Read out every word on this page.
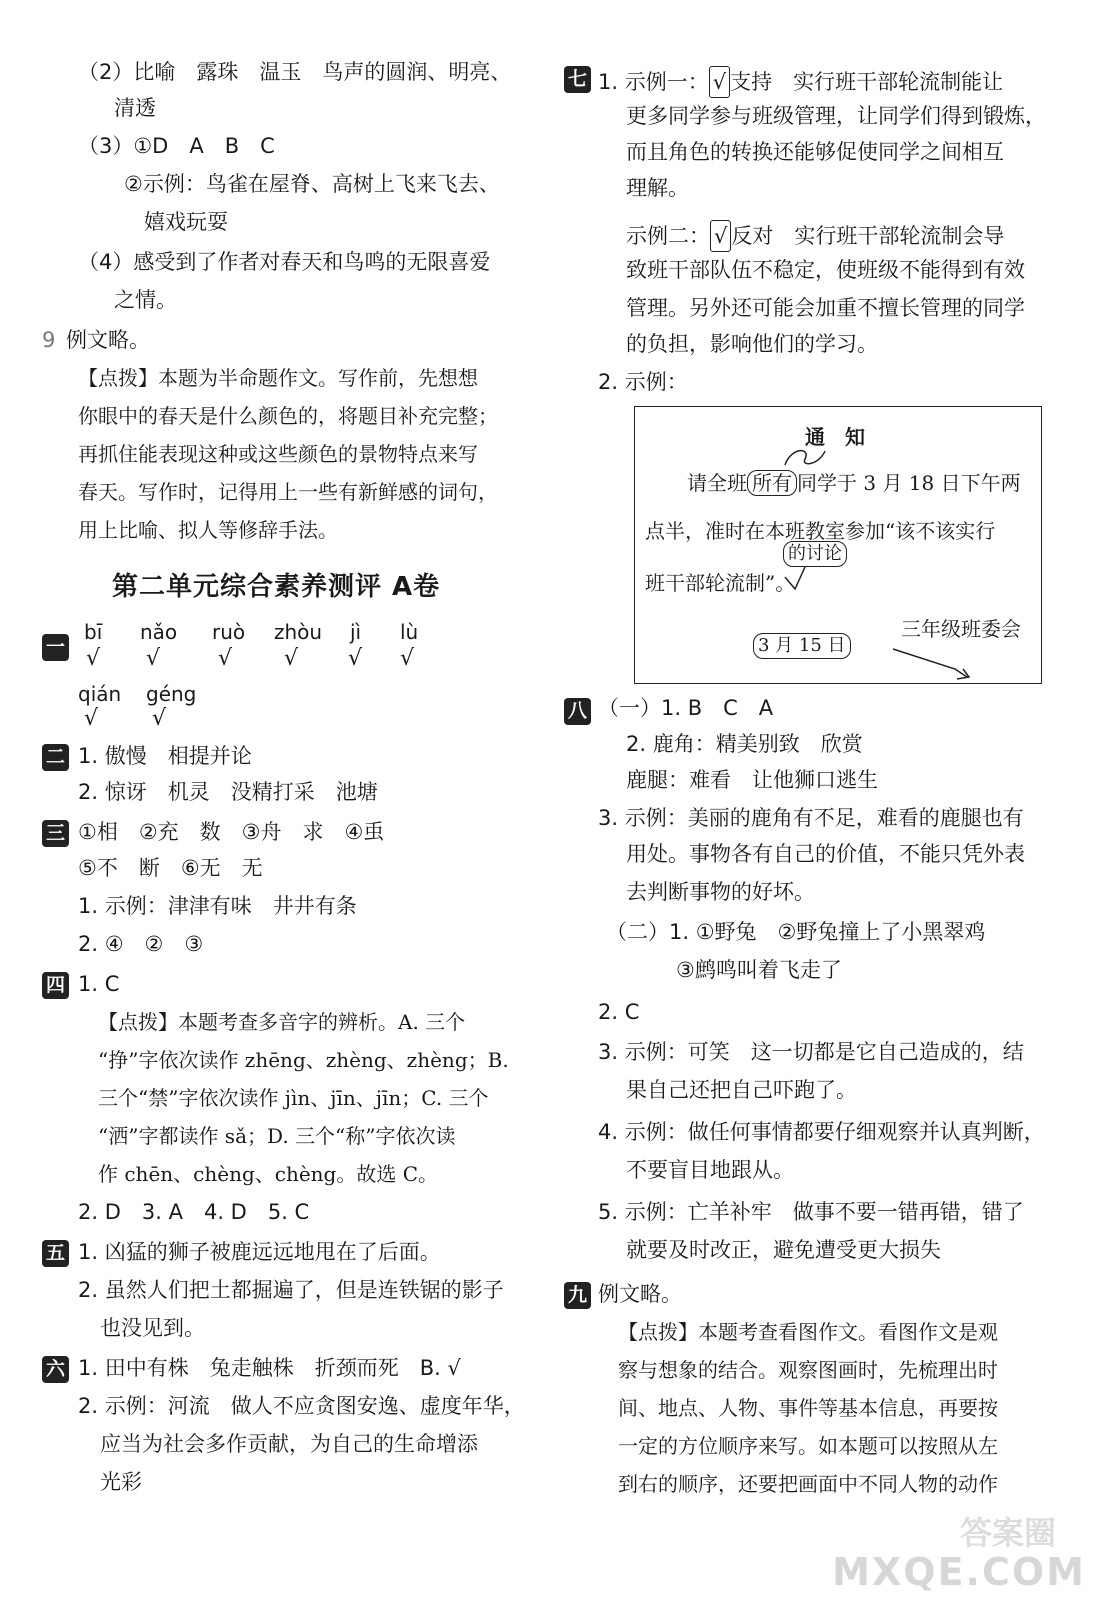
（2）比喻　露珠　温玉　鸟声的圆润、明亮、
清透
（3）①D　A　B　C
②示例：鸟雀在屋脊、高树上飞来飞去、
嬉戏玩耍
（4）感受到了作者对春天和鸟鸣的无限喜爱
之情。
9 例文略。
【点拨】本题为半命题作文。写作前，先想想
你眼中的春天是什么颜色的，将题目补充完整；
再抓住能表现这种或这些颜色的景物特点来写
春天。写作时，记得用上一些有新鲜感的词句，
用上比喻、拟人等修辞手法。
第二单元综合素养测评 A卷
一
bī nǎo ruò zhòu jì lù
√ √	√ √ √ √
qián géng
√ √
二 1. 傲慢　相提并论
2. 惊讶　机灵　没精打采　池塘
三 ①相　②充　数　③舟　求　④䖝
⑤不　断　⑥无　无
1. 示例：津津有味　井井有条
2. ④　②　③
四 1. C
【点拨】本题考查多音字的辨析。A. 三个
“挣”字依次读作 zhēng、zhèng、zhèng；B.
三个“禁”字依次读作 jìn、jīn、jīn；C. 三个
“洒”字都读作 sǎ；D. 三个“称”字依次读
作 chēn、chèng、chèng。故选 C。
2. D　3. A　4. D　5. C
五 1. 凶猛的狮子被鹿远远地甩在了后面。
2. 虽然人们把土都掘遍了，但是连铁锯的影子
也没见到。
六 1. 田中有株　兔走触株　折颈而死　B. √
2. 示例：河流　做人不应贪图安逸、虚度年华，
应当为社会多作贡献，为自己的生命增添
光彩
七 1. 示例一： √ 支持　实行班干部轮流制能让
更多同学参与班级管理，让同学们得到锻炼，
而且角色的转换还能够促使同学之间相互
理解。
示例二： √ 反对　实行班干部轮流制会导
致班干部队伍不稳定，使班级不能得到有效
管理。另外还可能会加重不擅长管理的同学
的负担，影响他们的学习。
2. 示例：
通　知
请全班 所有 同学于 3 月 18 日下午两
点半，准时在本班教室参加“该不该实行
的讨论
班干部轮流制”。
三年级班委会
3 月 15 日
八 （一）1. B　C　A
2. 鹿角：精美别致　欣赏
鹿腿：难看　让他狮口逃生
3. 示例：美丽的鹿角有不足，难看的鹿腿也有
用处。事物各有自己的价值，不能只凭外表
去判断事物的好坏。
（二）1. ①野兔　②野兔撞上了小黑翠鸡
③鹧鸣叫着飞走了
2. C
3. 示例：可笑　这一切都是它自己造成的，结
果自己还把自己吓跑了。
4. 示例：做任何事情都要仔细观察并认真判断，
不要盲目地跟从。
5. 示例：亡羊补牢　做事不要一错再错，错了
就要及时改正，避免遭受更大损失
九 例文略。
【点拨】本题考查看图作文。看图作文是观
察与想象的结合。观察图画时，先梳理出时
间、地点、人物、事件等基本信息，再要按
一定的方位顺序来写。如本题可以按照从左
到右的顺序，还要把画面中不同人物的动作
答案圈
MXQE.COM
